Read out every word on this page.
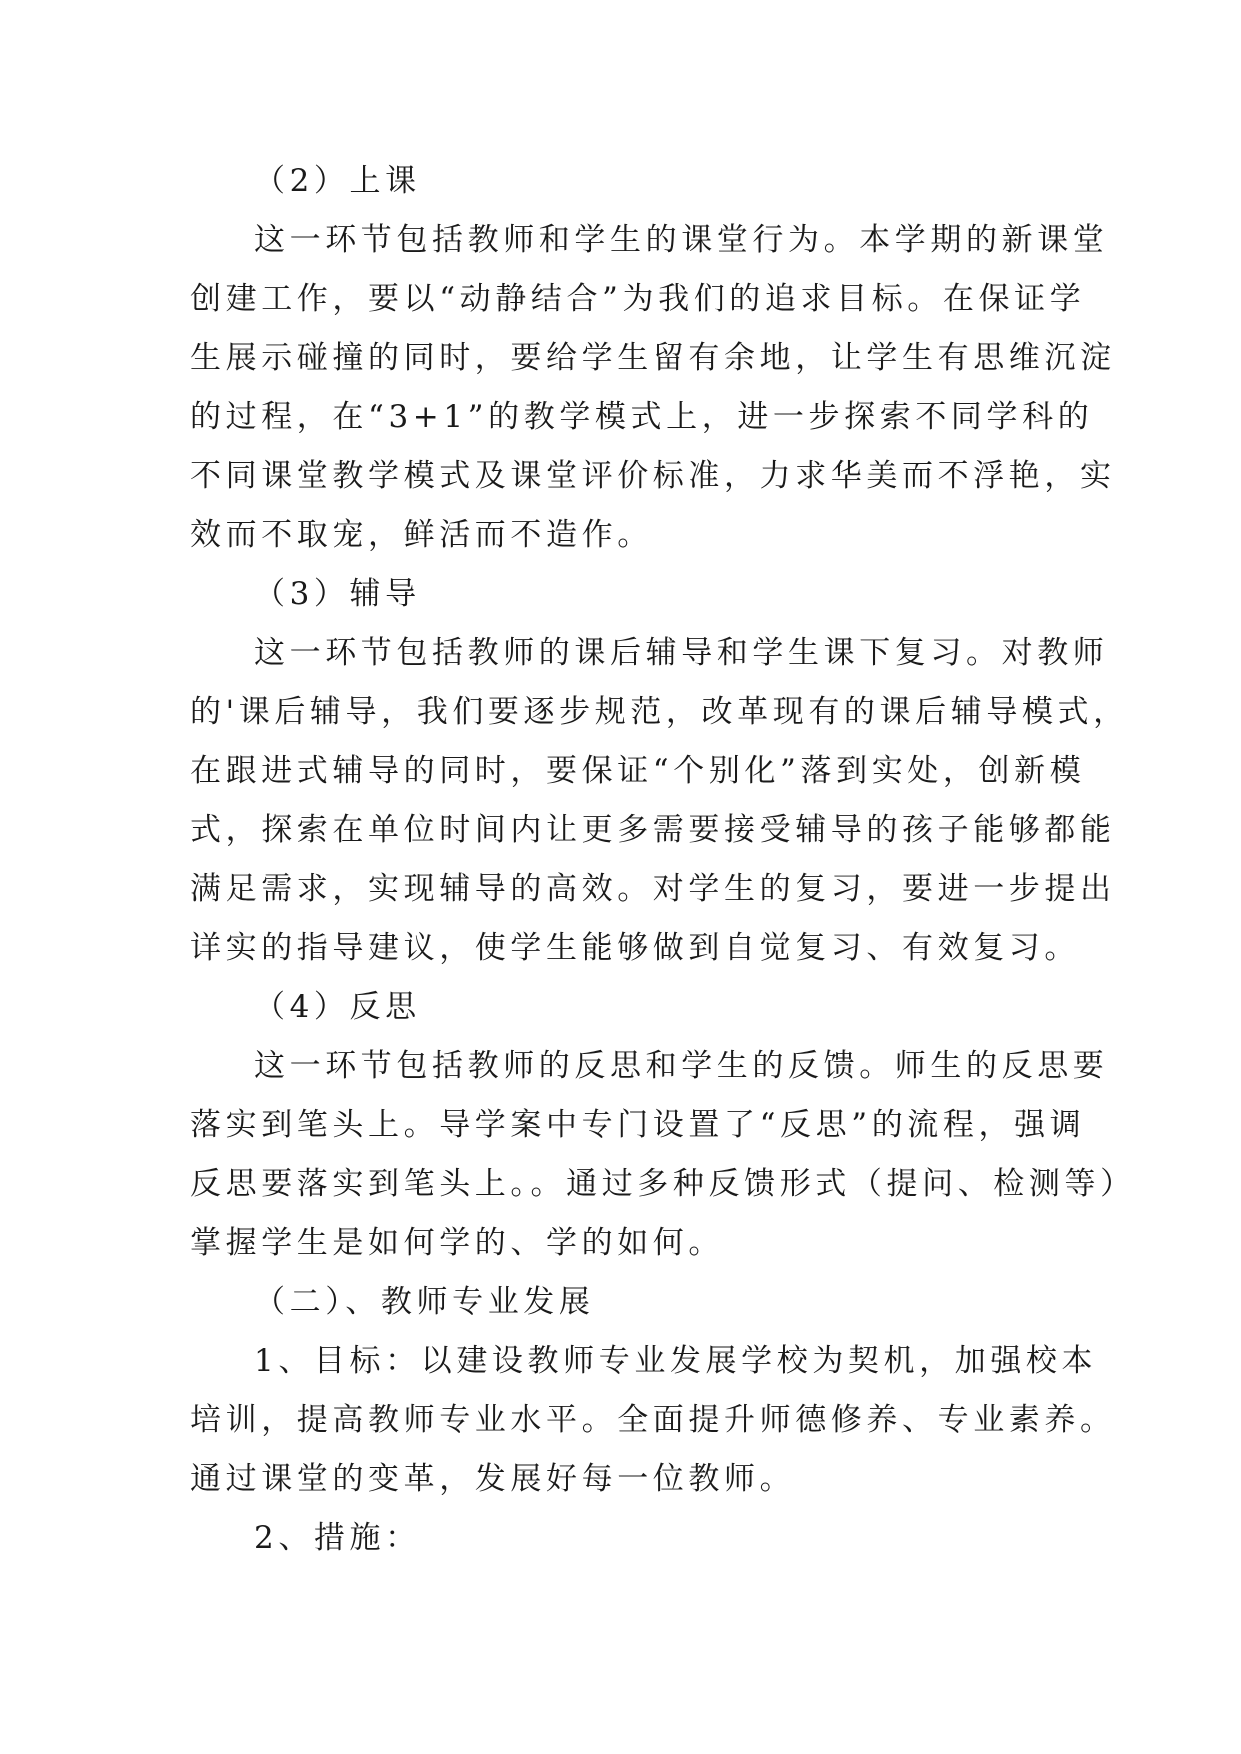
（2）上课
这一环节包括教师和学生的课堂行为。本学期的新课堂
创建工作，要以“动静结合”为我们的追求目标。在保证学
生展示碰撞的同时，要给学生留有余地，让学生有思维沉淀
的过程，在“3+1”的教学模式上，进一步探索不同学科的
不同课堂教学模式及课堂评价标准，力求华美而不浮艳，实
效而不取宠，鲜活而不造作。
（3）辅导
这一环节包括教师的课后辅导和学生课下复习。对教师
的'课后辅导，我们要逐步规范，改革现有的课后辅导模式，
在跟进式辅导的同时，要保证“个别化”落到实处，创新模
式，探索在单位时间内让更多需要接受辅导的孩子能够都能
满足需求，实现辅导的高效。对学生的复习，要进一步提出
详实的指导建议，使学生能够做到自觉复习、有效复习。
（4）反思
这一环节包括教师的反思和学生的反馈。师生的反思要
落实到笔头上。导学案中专门设置了“反思”的流程，强调
反思要落实到笔头上。。通过多种反馈形式（提问、检测等）
掌握学生是如何学的、学的如何。
（二）、教师专业发展
1、目标：以建设教师专业发展学校为契机，加强校本
培训，提高教师专业水平。全面提升师德修养、专业素养。
通过课堂的变革，发展好每一位教师。
2、措施：
